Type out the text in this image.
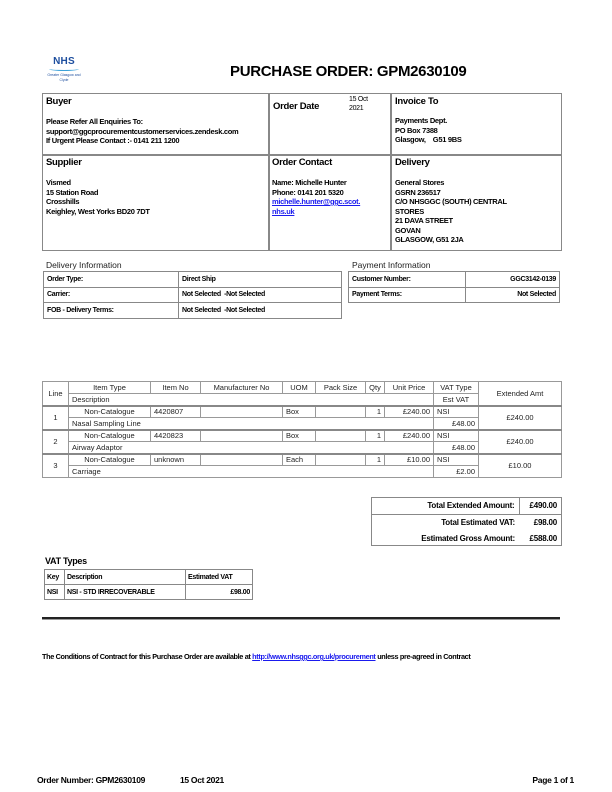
NHS
Greater Glasgow and Clyde	PURCHASE ORDER: GPM2630109
Buyer
Please Refer All Enquiries To:
support@ggcprocurementcustomerservices.zendesk.com
If Urgent Please Contact :- 0141 211 1200
Order Date
15 Oct
2021
Invoice To
Payments Dept.
PO Box 7388
Glasgow,    G51 9BS
Supplier
Vismed
15 Station Road
Crosshills
Keighley, West Yorks BD20 7DT
Order Contact
Name: Michelle Hunter
Phone: 0141 201 5320
michelle.hunter@ggc.scot.
nhs.uk
Delivery
General Stores
GSRN 236517
C/O NHSGGC (SOUTH) CENTRAL
STORES
21 DAVA STREET
GOVAN
GLASGOW, G51 2JA
Delivery Information
Order Type:	Direct Ship
Carrier:	Not Selected  -Not Selected
FOB - Delivery Terms:	Not Selected  -Not Selected
Payment Information
Customer Number:	GGC3142-0139
Payment Terms:	Not Selected
Line	Item Type	Item No	Manufacturer No	UOM	Pack Size	Qty	Unit Price	VAT Type	Extended Amt
	Description							Est VAT	
1	Non-Catalogue	4420807		Box		1	£240.00	NSI	£240.00
	Nasal Sampling Line							£48.00	
2	Non-Catalogue	4420823		Box		1	£240.00	NSI	£240.00
	Airway Adaptor							£48.00	
3	Non-Catalogue	unknown		Each		1	£10.00	NSI	£10.00
	Carriage							£2.00	
Total Extended Amount:	£490.00
Total Estimated VAT:	£98.00
Estimated Gross Amount:	£588.00
VAT Types
Key	Description	Estimated VAT
NSI	NSI - STD IRRECOVERABLE	£98.00
The Conditions of Contract for this Purchase Order are available at http://www.nhsggc.org.uk/procurement unless pre-agreed in Contract
Order Number: GPM2630109	15 Oct 2021	Page 1 of 1
